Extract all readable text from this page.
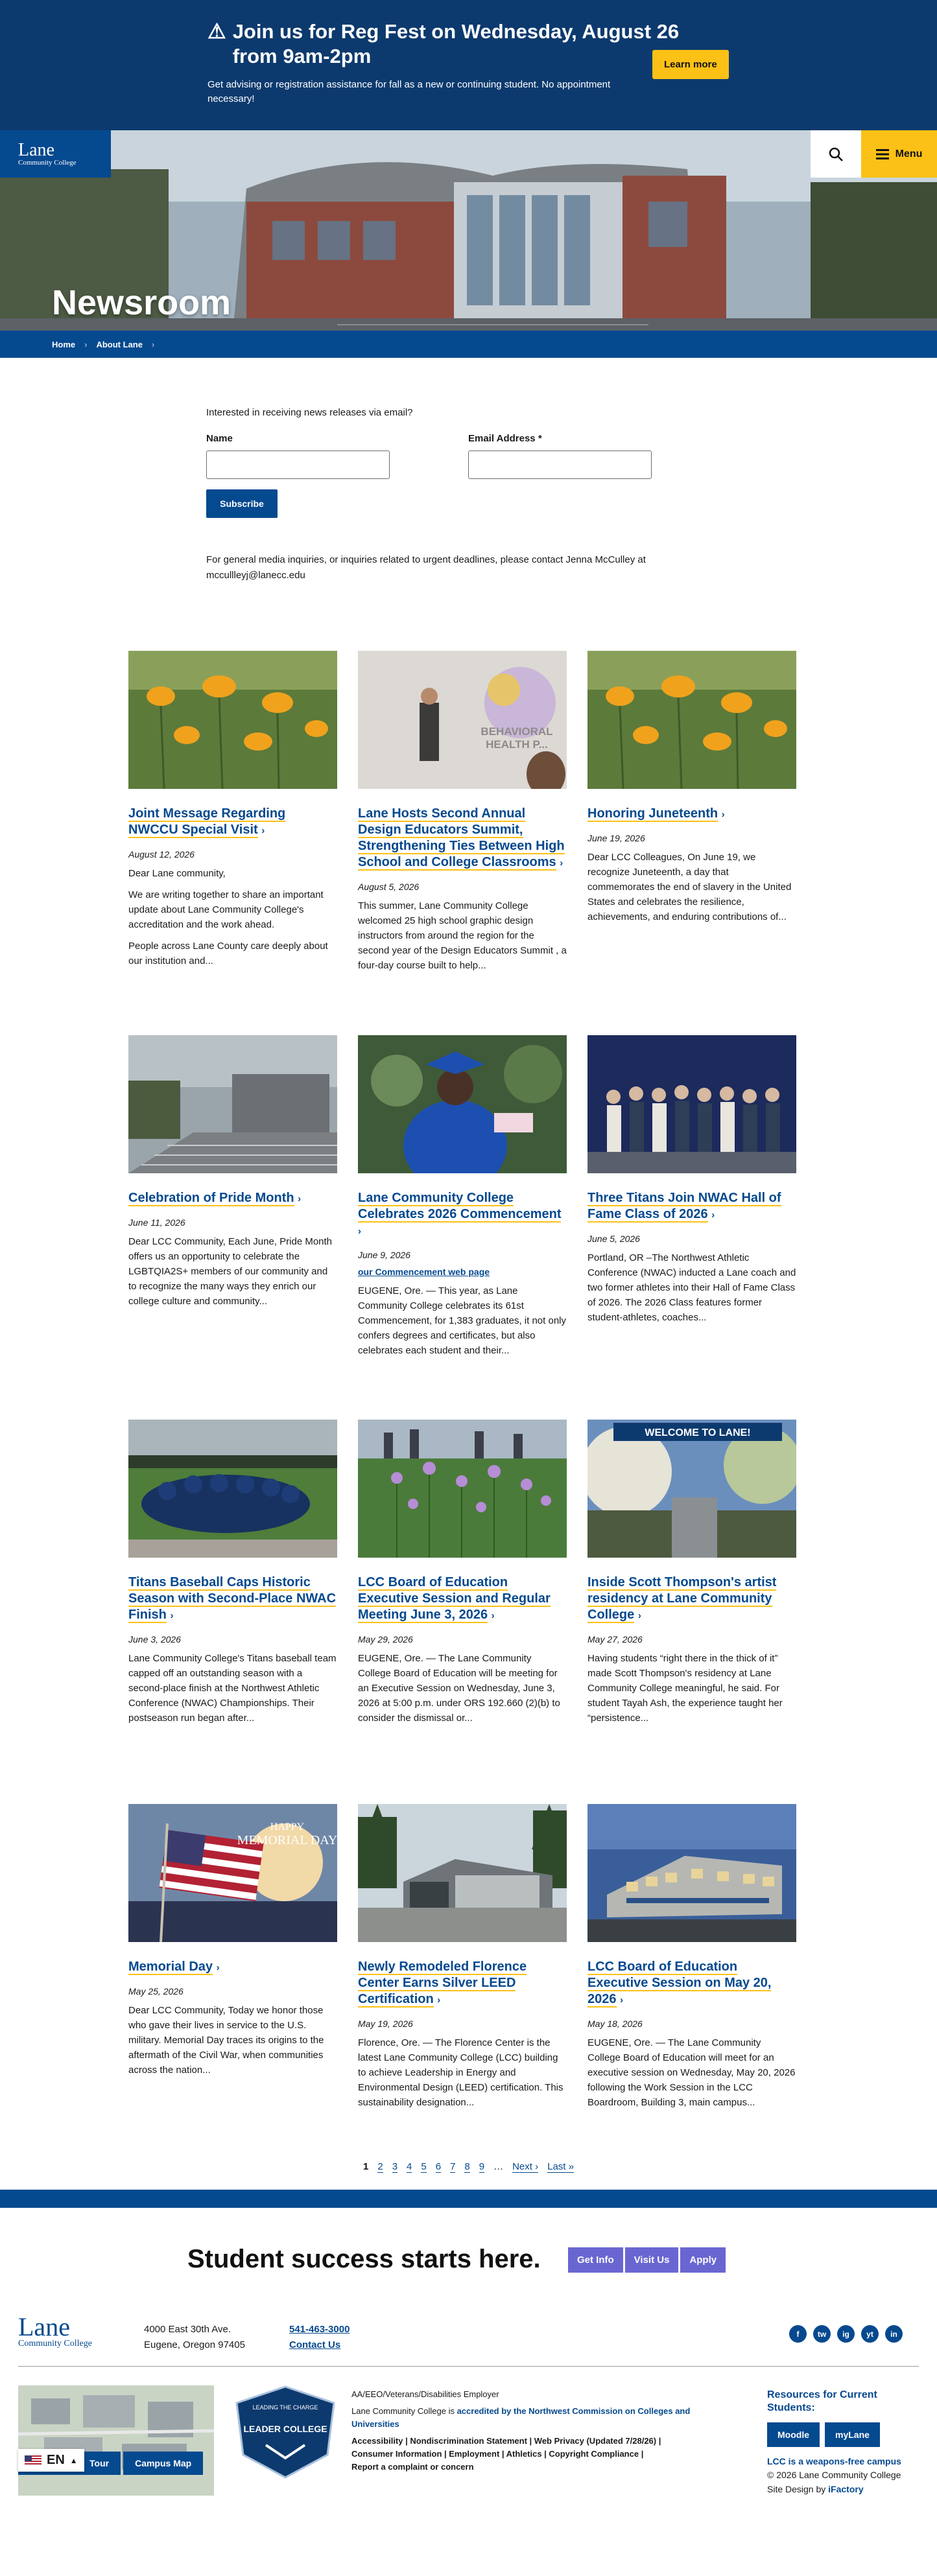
⚠ Join us for Reg Fest on Wednesday, August 26 from 9am-2pm
Get advising or registration assistance for fall as a new or continuing student. No appointment necessary!
Learn more
Lane
Community College
Menu
Newsroom
Home › About Lane ›
Interested in receiving news releases via email?
Name	Email Address *
Subscribe
For general media inquiries, or inquiries related to urgent deadlines, please contact Jenna McCulley at mccullleyj@lanecc.edu
1 2 3 4 5 6 7 8 9 … Next › Last »
Joint Message Regarding NWCCU Special Visit ›
August 12, 2026

Dear Lane community,

We are writing together to share an important update about Lane Community College's accreditation and the work ahead.

People across Lane County care deeply about our institution and...

BEHAVIORAL
HEALTH P...
Lane Hosts Second Annual Design Educators Summit, Strengthening Ties Between High School and College Classrooms ›
August 5, 2026

This summer, Lane Community College welcomed 25 high school graphic design instructors from around the region for the second year of the Design Educators Summit , a four-day course built to help...

Honoring Juneteenth ›
June 19, 2026

Dear LCC Colleagues, On June 19, we recognize Juneteenth, a day that commemorates the end of slavery in the United States and celebrates the resilience, achievements, and enduring contributions of...

Celebration of Pride Month ›
June 11, 2026

Dear LCC Community, Each June, Pride Month offers us an opportunity to celebrate the LGBTQIA2S+ members of our community and to recognize the many ways they enrich our college culture and community...

Lane Community College Celebrates 2026 Commencement ›
June 9, 2026
our Commencement web page

EUGENE, Ore. — This year, as Lane Community College celebrates its 61st Commencement, for 1,383 graduates, it not only confers degrees and certificates, but also celebrates each student and their...

Three Titans Join NWAC Hall of Fame Class of 2026 ›
June 5, 2026

Portland, OR –The Northwest Athletic Conference (NWAC) inducted a Lane coach and two former athletes into their Hall of Fame Class of 2026. The 2026 Class features former student-athletes, coaches...

Titans Baseball Caps Historic Season with Second-Place NWAC Finish ›
June 3, 2026

Lane Community College's Titans baseball team capped off an outstanding season with a second-place finish at the Northwest Athletic Conference (NWAC) Championships. Their postseason run began after...

LCC Board of Education Executive Session and Regular Meeting June 3, 2026 ›
May 29, 2026

EUGENE, Ore. — The Lane Community College Board of Education will be meeting for an Executive Session on Wednesday, June 3, 2026 at 5:00 p.m. under ORS 192.660 (2)(b) to consider the dismissal or...

WELCOME TO LANE!
Inside Scott Thompson's artist residency at Lane Community College ›
May 27, 2026

Having students “right there in the thick of it” made Scott Thompson's residency at Lane Community College meaningful, he said. For student Tayah Ash, the experience taught her “persistence...

HAPPY
MEMORIAL DAY
Memorial Day ›
May 25, 2026

Dear LCC Community, Today we honor those who gave their lives in service to the U.S. military. Memorial Day traces its origins to the aftermath of the Civil War, when communities across the nation...

Newly Remodeled Florence Center Earns Silver LEED Certification ›
May 19, 2026

Florence, Ore. — The Florence Center is the latest Lane Community College (LCC) building to achieve Leadership in Energy and Environmental Design (LEED) certification. This sustainability designation...

LCC Board of Education Executive Session on May 20, 2026 ›
May 18, 2026

EUGENE, Ore. — The Lane Community College Board of Education will meet for an executive session on Wednesday, May 20, 2026 following the Work Session in the LCC Boardroom, Building 3, main campus...

Student success starts here.	Get Info	Visit Us	Apply
Lane
Community College
4000 East 30th Ave.
Eugene, Oregon 97405
541-463-3000
Contact Us
f	tw	ig	yt	in
Tour	Campus Map
EN ▲
LEADING THE CHARGE
LEADER COLLEGE
AA/EEO/Veterans/Disabilities Employer
Lane Community College is accredited by the Northwest Commission on Colleges and Universities
Accessibility | Nondiscrimination Statement | Web Privacy (Updated 7/28/26) |
Consumer Information | Employment | Athletics | Copyright Compliance |
Report a complaint or concern
Resources for Current Students:
Moodle	myLane
LCC is a weapons-free campus
© 2026 Lane Community College
Site Design by iFactory
